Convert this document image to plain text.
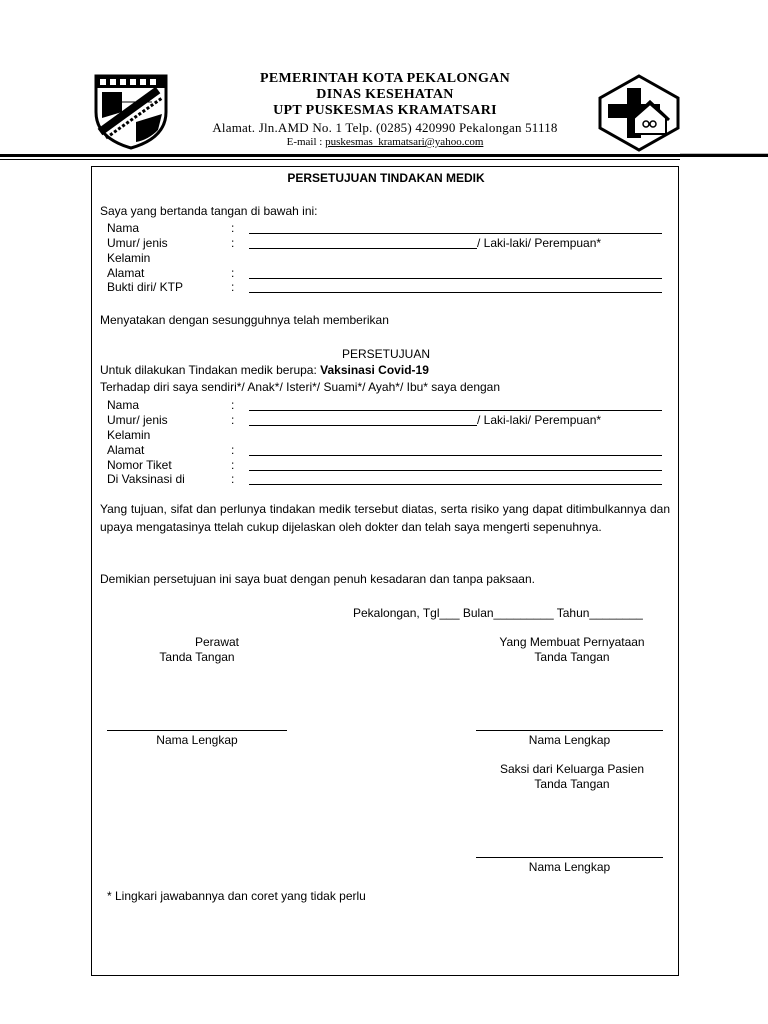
PEMERINTAH KOTA PEKALONGAN
DINAS KESEHATAN
UPT PUSKESMAS KRAMATSARI
Alamat. Jln.AMD No. 1 Telp. (0285) 420990 Pekalongan 51118
E-mail : puskesmas_kramatsari@yahoo.com
PERSETUJUAN TINDAKAN MEDIK
Saya yang bertanda tangan di bawah ini:
Nama	:
Umur/ jenis	:	/ Laki-laki/ Perempuan*
Kelamin
Alamat	:
Bukti diri/ KTP	:
Menyatakan dengan sesungguhnya telah memberikan
PERSETUJUAN
Untuk dilakukan Tindakan medik berupa: Vaksinasi Covid-19
Terhadap diri saya sendiri*/ Anak*/ Isteri*/ Suami*/ Ayah*/ Ibu* saya dengan
Nama	:
Umur/ jenis	:	/ Laki-laki/ Perempuan*
Kelamin
Alamat	:
Nomor Tiket	:
Di Vaksinasi di	:
Yang tujuan, sifat dan perlunya tindakan medik tersebut diatas, serta risiko yang dapat ditimbulkannya dan upaya mengatasinya ttelah cukup dijelaskan oleh dokter dan telah saya mengerti sepenuhnya.
Demikian persetujuan ini saya buat dengan penuh kesadaran dan tanpa paksaan.
Pekalongan, Tgl___ Bulan_________ Tahun________
Perawat
Tanda Tangan
Yang Membuat Pernyataan
Tanda Tangan
Nama Lengkap	Nama Lengkap
Saksi dari Keluarga Pasien
Tanda Tangan
Nama Lengkap
* Lingkari jawabannya dan coret yang tidak perlu
